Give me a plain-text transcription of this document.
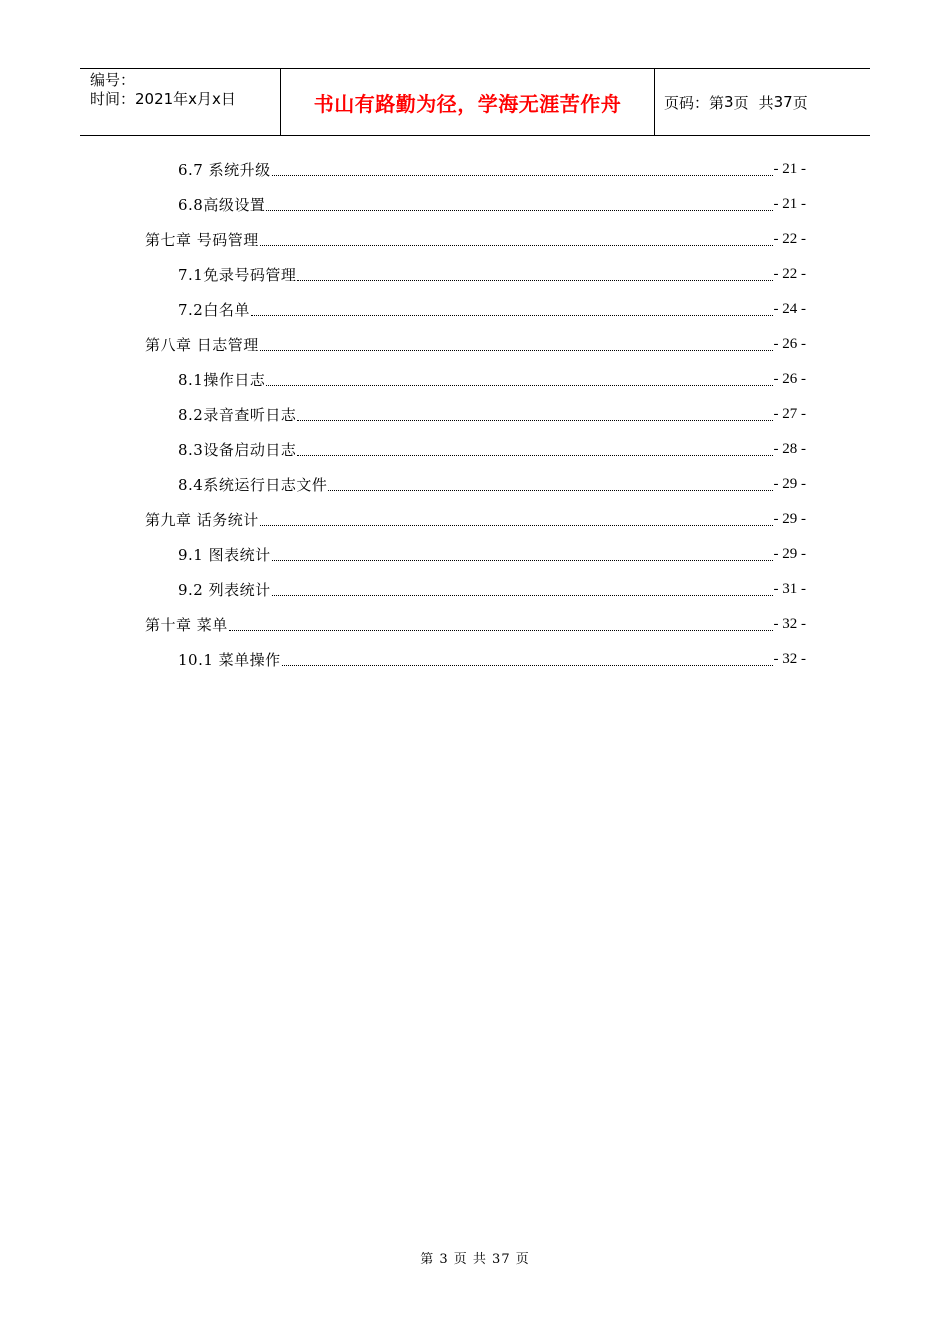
编号：
时间：2021年x月x日	书山有路勤为径，学海无涯苦作舟	页码：第 3 页 共 37 页
6.7 系统升级	- 21 -
6.8高级设置	- 21 -
第七章 号码管理	- 22 -
7.1免录号码管理	- 22 -
7.2白名单	- 24 -
第八章 日志管理	- 26 -
8.1操作日志	- 26 -
8.2录音查听日志	- 27 -
8.3设备启动日志	- 28 -
8.4系统运行日志文件	- 29 -
第九章 话务统计	- 29 -
9.1 图表统计	- 29 -
9.2 列表统计	- 31 -
第十章 菜单	- 32 -
10.1 菜单操作	- 32 -
第 3 页 共 37 页
